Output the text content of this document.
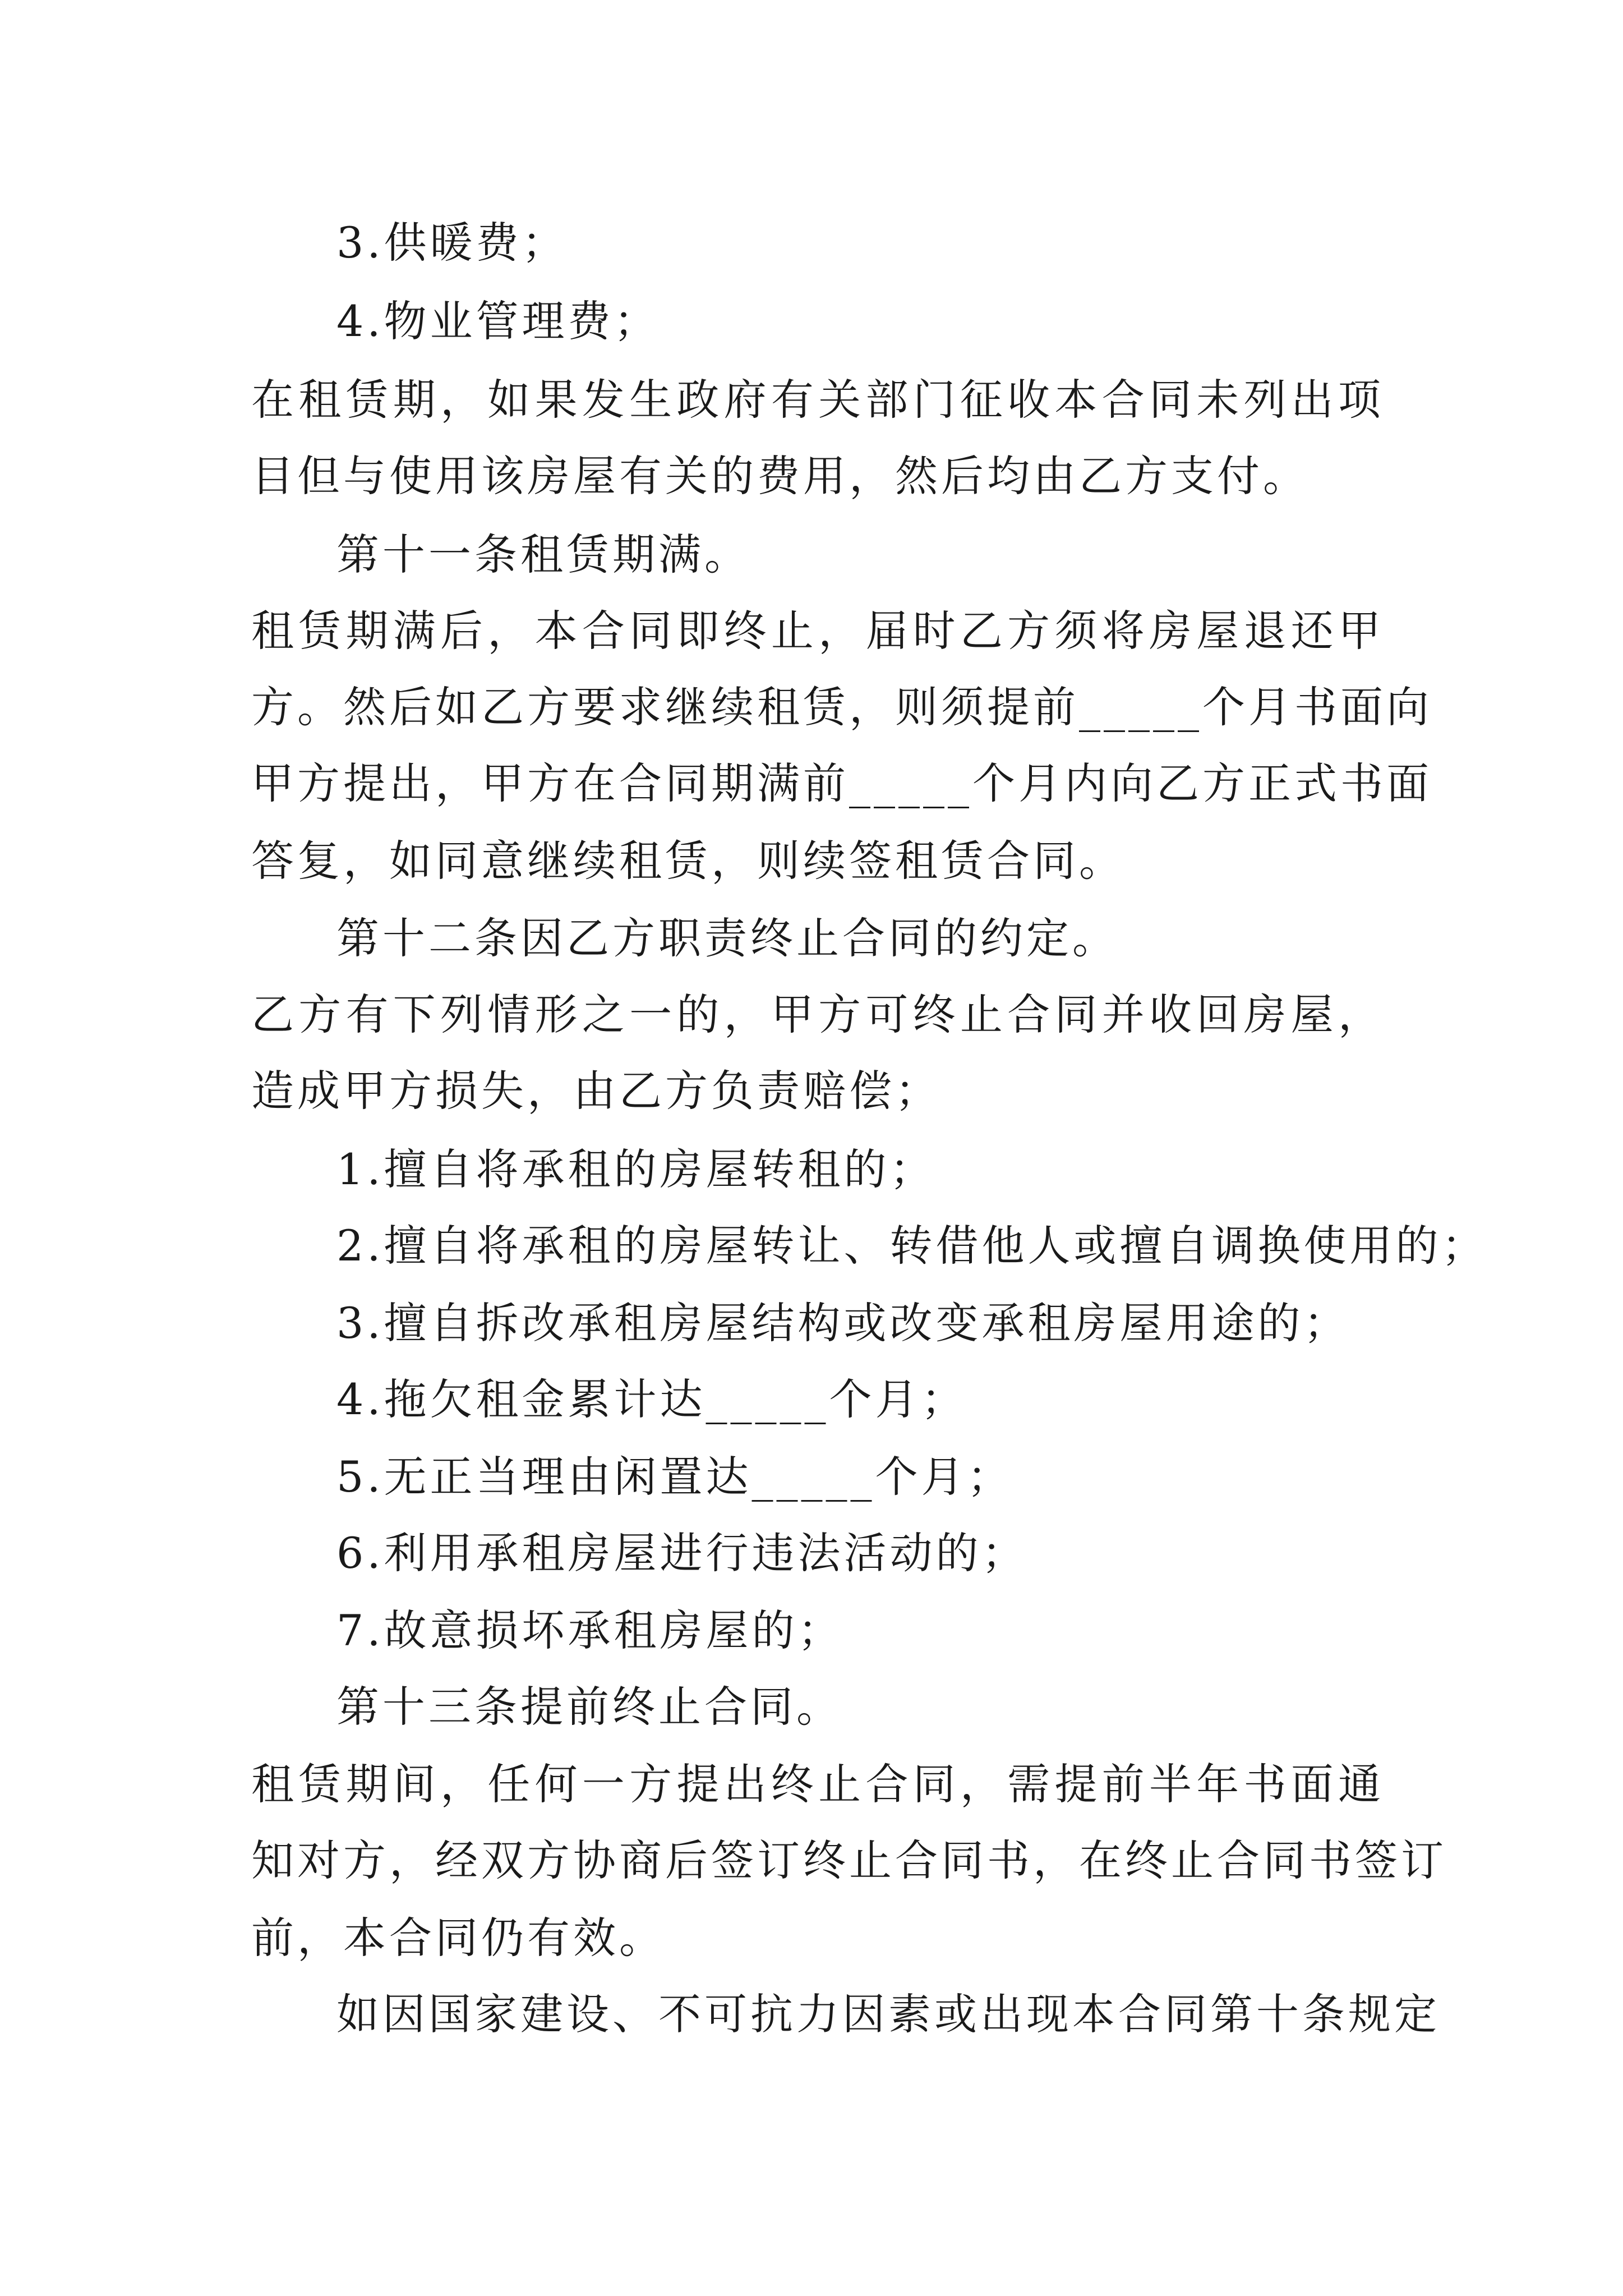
3.供暖费；
4.物业管理费；
在租赁期，如果发生政府有关部门征收本合同未列出项
目但与使用该房屋有关的费用，然后均由乙方支付。
第十一条租赁期满。
租赁期满后，本合同即终止，届时乙方须将房屋退还甲
方。然后如乙方要求继续租赁，则须提前_____个月书面向
甲方提出，甲方在合同期满前_____个月内向乙方正式书面
答复，如同意继续租赁，则续签租赁合同。
第十二条因乙方职责终止合同的约定。
乙方有下列情形之一的，甲方可终止合同并收回房屋，
造成甲方损失，由乙方负责赔偿；
1.擅自将承租的房屋转租的；
2.擅自将承租的房屋转让、转借他人或擅自调换使用的；
3.擅自拆改承租房屋结构或改变承租房屋用途的；
4.拖欠租金累计达_____个月；
5.无正当理由闲置达_____个月；
6.利用承租房屋进行违法活动的；
7.故意损坏承租房屋的；
第十三条提前终止合同。
租赁期间，任何一方提出终止合同，需提前半年书面通
知对方，经双方协商后签订终止合同书，在终止合同书签订
前，本合同仍有效。
如因国家建设、不可抗力因素或出现本合同第十条规定
